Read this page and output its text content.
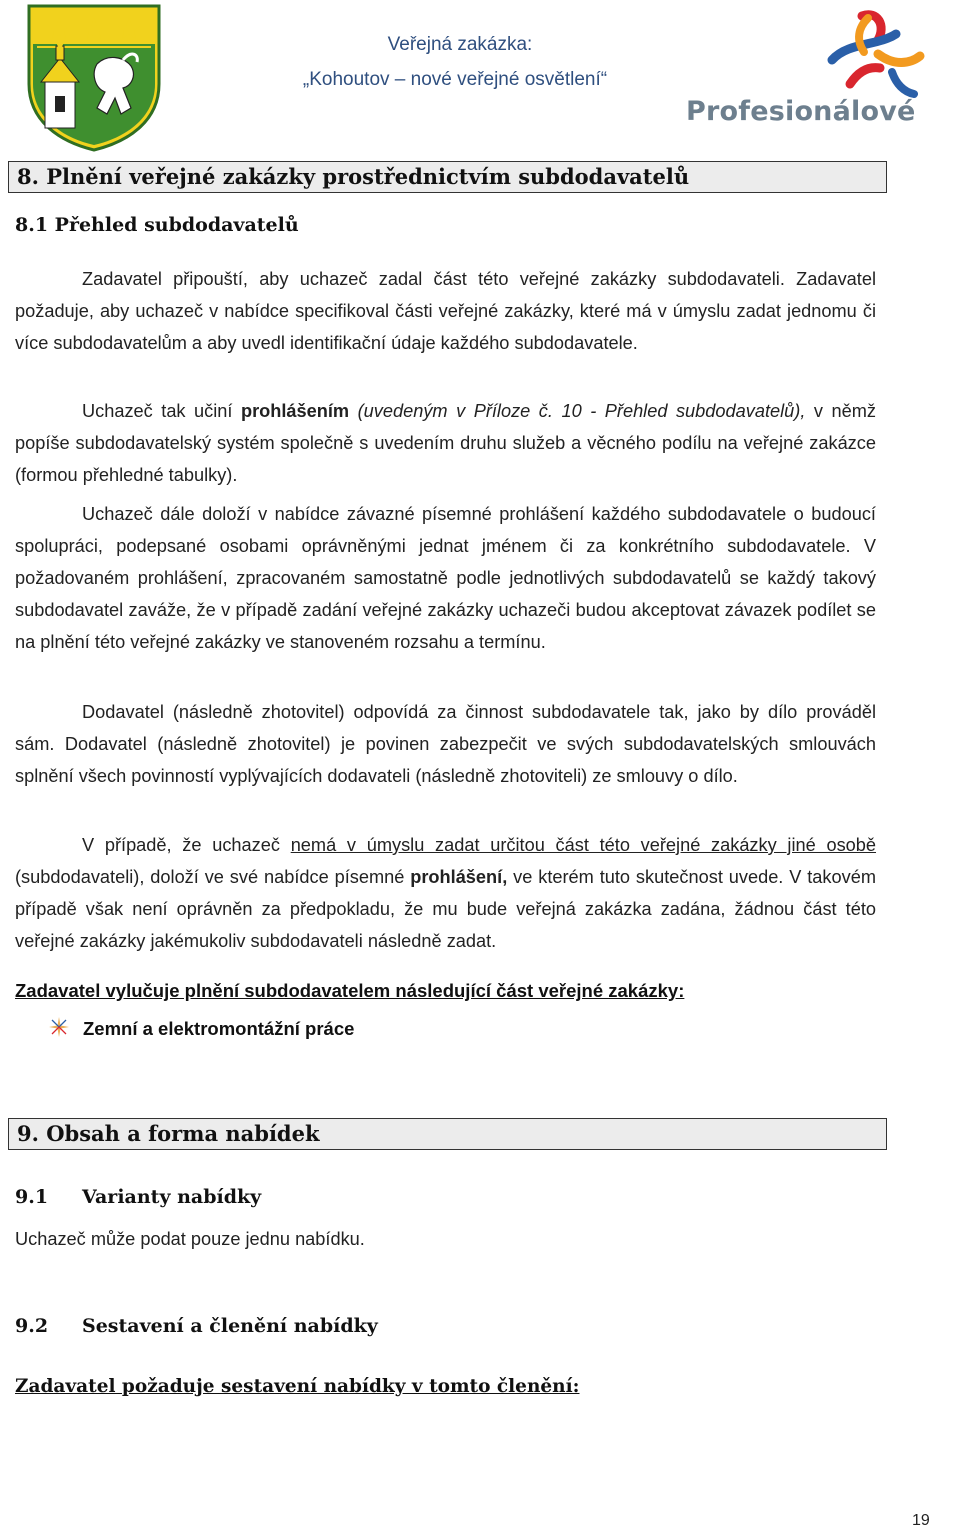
Veřejná zakázka:
„Kohoutov – nové veřejné osvětlení“
Profesionálové
8. Plnění veřejné zakázky prostřednictvím subdodavatelů
8.1 Přehled subdodavatelů
Zadavatel připouští, aby uchazeč zadal část této veřejné zakázky subdodavateli. Zadavatel požaduje, aby uchazeč v nabídce specifikoval části veřejné zakázky, které má v úmyslu zadat jednomu či více subdodavatelům a aby uvedl identifikační údaje každého subdodavatele.
Uchazeč tak učiní prohlášením (uvedeným v Příloze č. 10 - Přehled subdodavatelů), v němž popíše subdodavatelský systém společně s uvedením druhu služeb a věcného podílu na veřejné zakázce (formou přehledné tabulky).
Uchazeč dále doloží v nabídce závazné písemné prohlášení každého subdodavatele o budoucí spolupráci, podepsané osobami oprávněnými jednat jménem či za konkrétního subdodavatele. V požadovaném prohlášení, zpracovaném samostatně podle jednotlivých subdodavatelů se každý takový subdodavatel zaváže, že v případě zadání veřejné zakázky uchazeči budou akceptovat závazek podílet se na plnění této veřejné zakázky ve stanoveném rozsahu a termínu.
Dodavatel (následně zhotovitel) odpovídá za činnost subdodavatele tak, jako by dílo prováděl sám. Dodavatel (následně zhotovitel) je povinen zabezpečit ve svých subdodavatelských smlouvách splnění všech povinností vyplývajících dodavateli (následně zhotoviteli) ze smlouvy o dílo.
V případě, že uchazeč nemá v úmyslu zadat určitou část této veřejné zakázky jiné osobě (subdodavateli), doloží ve své nabídce písemné prohlášení, ve kterém tuto skutečnost uvede. V takovém případě však není oprávněn za předpokladu, že mu bude veřejná zakázka zadána, žádnou část této veřejné zakázky jakémukoliv subdodavateli následně zadat.
Zadavatel vylučuje plnění subdodavatelem následující část veřejné zakázky:
Zemní a elektromontážní práce
9. Obsah a forma nabídek
9.1 Varianty nabídky
Uchazeč může podat pouze jednu nabídku.
9.2 Sestavení a členění nabídky
Zadavatel požaduje sestavení nabídky v tomto členění:
19
